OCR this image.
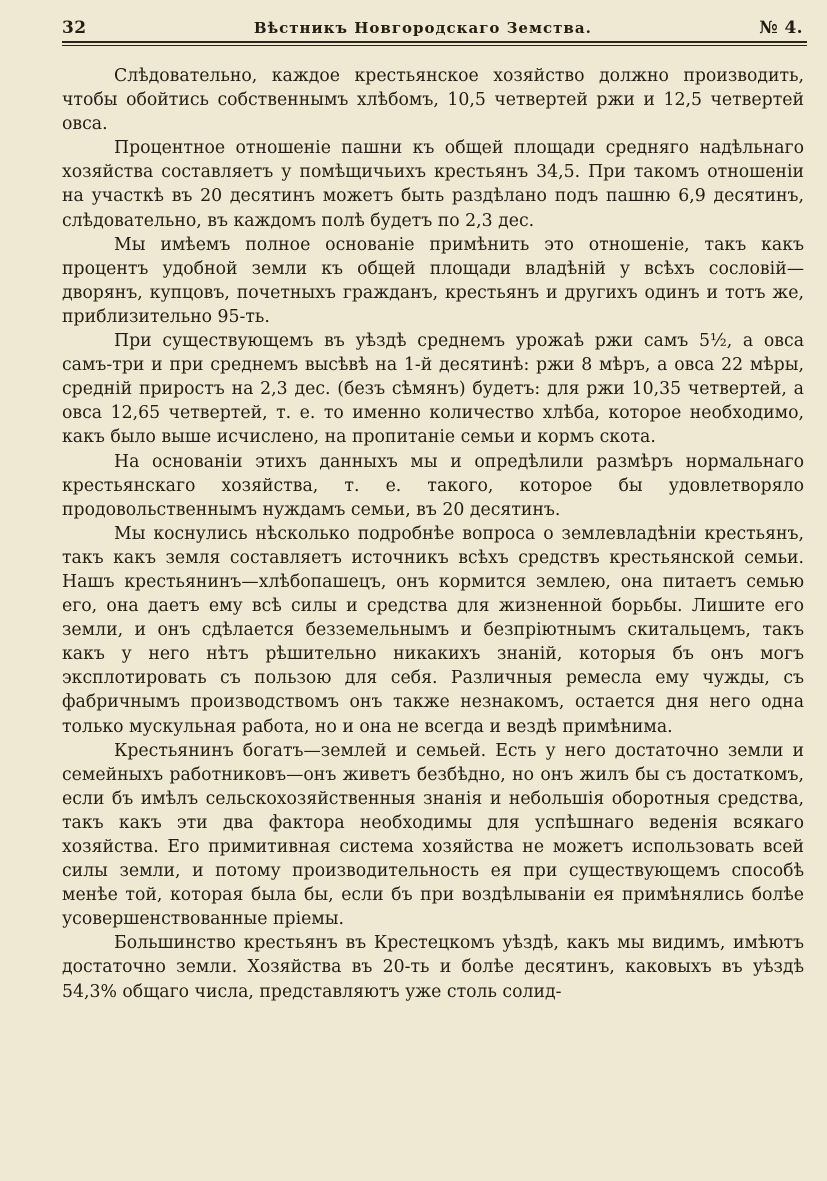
32	Вѣстникъ Новгородскаго Земства.	№ 4.

Слѣдовательно, каждое крестьянское хозяйство должно производить, чтобы обойтись собственнымъ хлѣбомъ, 10,5 четвертей ржи и 12,5 четвертей овса.

Процентное отношеніе пашни къ общей площади средняго надѣльнаго хозяйства составляетъ у помѣщичьихъ крестьянъ 34,5. При такомъ отношеніи на участкѣ въ 20 десятинъ можетъ быть раздѣлано подъ пашню 6,9 десятинъ, слѣдовательно, въ каждомъ полѣ будетъ по 2,3 дес.

Мы имѣемъ полное основаніе примѣнить это отношеніе, такъ какъ процентъ удобной земли къ общей площади владѣній у всѣхъ сословій—дворянъ, купцовъ, почетныхъ гражданъ, крестьянъ и другихъ одинъ и тотъ же, приблизительно 95-ть.

При существующемъ въ уѣздѣ среднемъ урожаѣ ржи самъ 5½, а овса самъ-три и при среднемъ высѣвѣ на 1-й десятинѣ: ржи 8 мѣръ, а овса 22 мѣры, средній приростъ на 2,3 дес. (безъ сѣмянъ) будетъ: для ржи 10,35 четвертей, а овса 12,65 четвертей, т. е. то именно количество хлѣба, которое необходимо, какъ было выше исчислено, на пропитаніе семьи и кормъ скота.

На основаніи этихъ данныхъ мы и опредѣлили размѣръ нормальнаго крестьянскаго хозяйства, т. е. такого, которое бы удовлетворяло продовольственнымъ нуждамъ семьи, въ 20 десятинъ.

Мы коснулись нѣсколько подробнѣе вопроса о землевладѣніи крестьянъ, такъ какъ земля составляетъ источникъ всѣхъ средствъ крестьянской семьи. Нашъ крестьянинъ—хлѣбопашецъ, онъ кормится землею, она питаетъ семью его, она даетъ ему всѣ силы и средства для жизненной борьбы. Лишите его земли, и онъ сдѣлается безземельнымъ и безпріютнымъ скитальцемъ, такъ какъ у него нѣтъ рѣшительно никакихъ знаній, которыя бъ онъ могъ эксплотировать съ пользою для себя. Различныя ремесла ему чужды, съ фабричнымъ производствомъ онъ также незнакомъ, остается дня него одна только мускульная работа, но и она не всегда и вездѣ примѣнима.

Крестьянинъ богатъ—землей и семьей. Есть у него достаточно земли и семейныхъ работниковъ—онъ живетъ безбѣдно, но онъ жилъ бы съ достаткомъ, если бъ имѣлъ сельскохозяйственныя знанія и небольшія оборотныя средства, такъ какъ эти два фактора необходимы для успѣшнаго веденія всякаго хозяйства. Его примитивная система хозяйства не можетъ использовать всей силы земли, и потому производительность ея при существующемъ способѣ менѣе той, которая была бы, если бъ при воздѣлываніи ея примѣнялись болѣе усовершенствованные пріемы.

Большинство крестьянъ въ Крестецкомъ уѣздѣ, какъ мы видимъ, имѣютъ достаточно земли. Хозяйства въ 20-ть и болѣе десятинъ, каковыхъ въ уѣздѣ 54,3% общаго числа, представляютъ уже столь солид-
